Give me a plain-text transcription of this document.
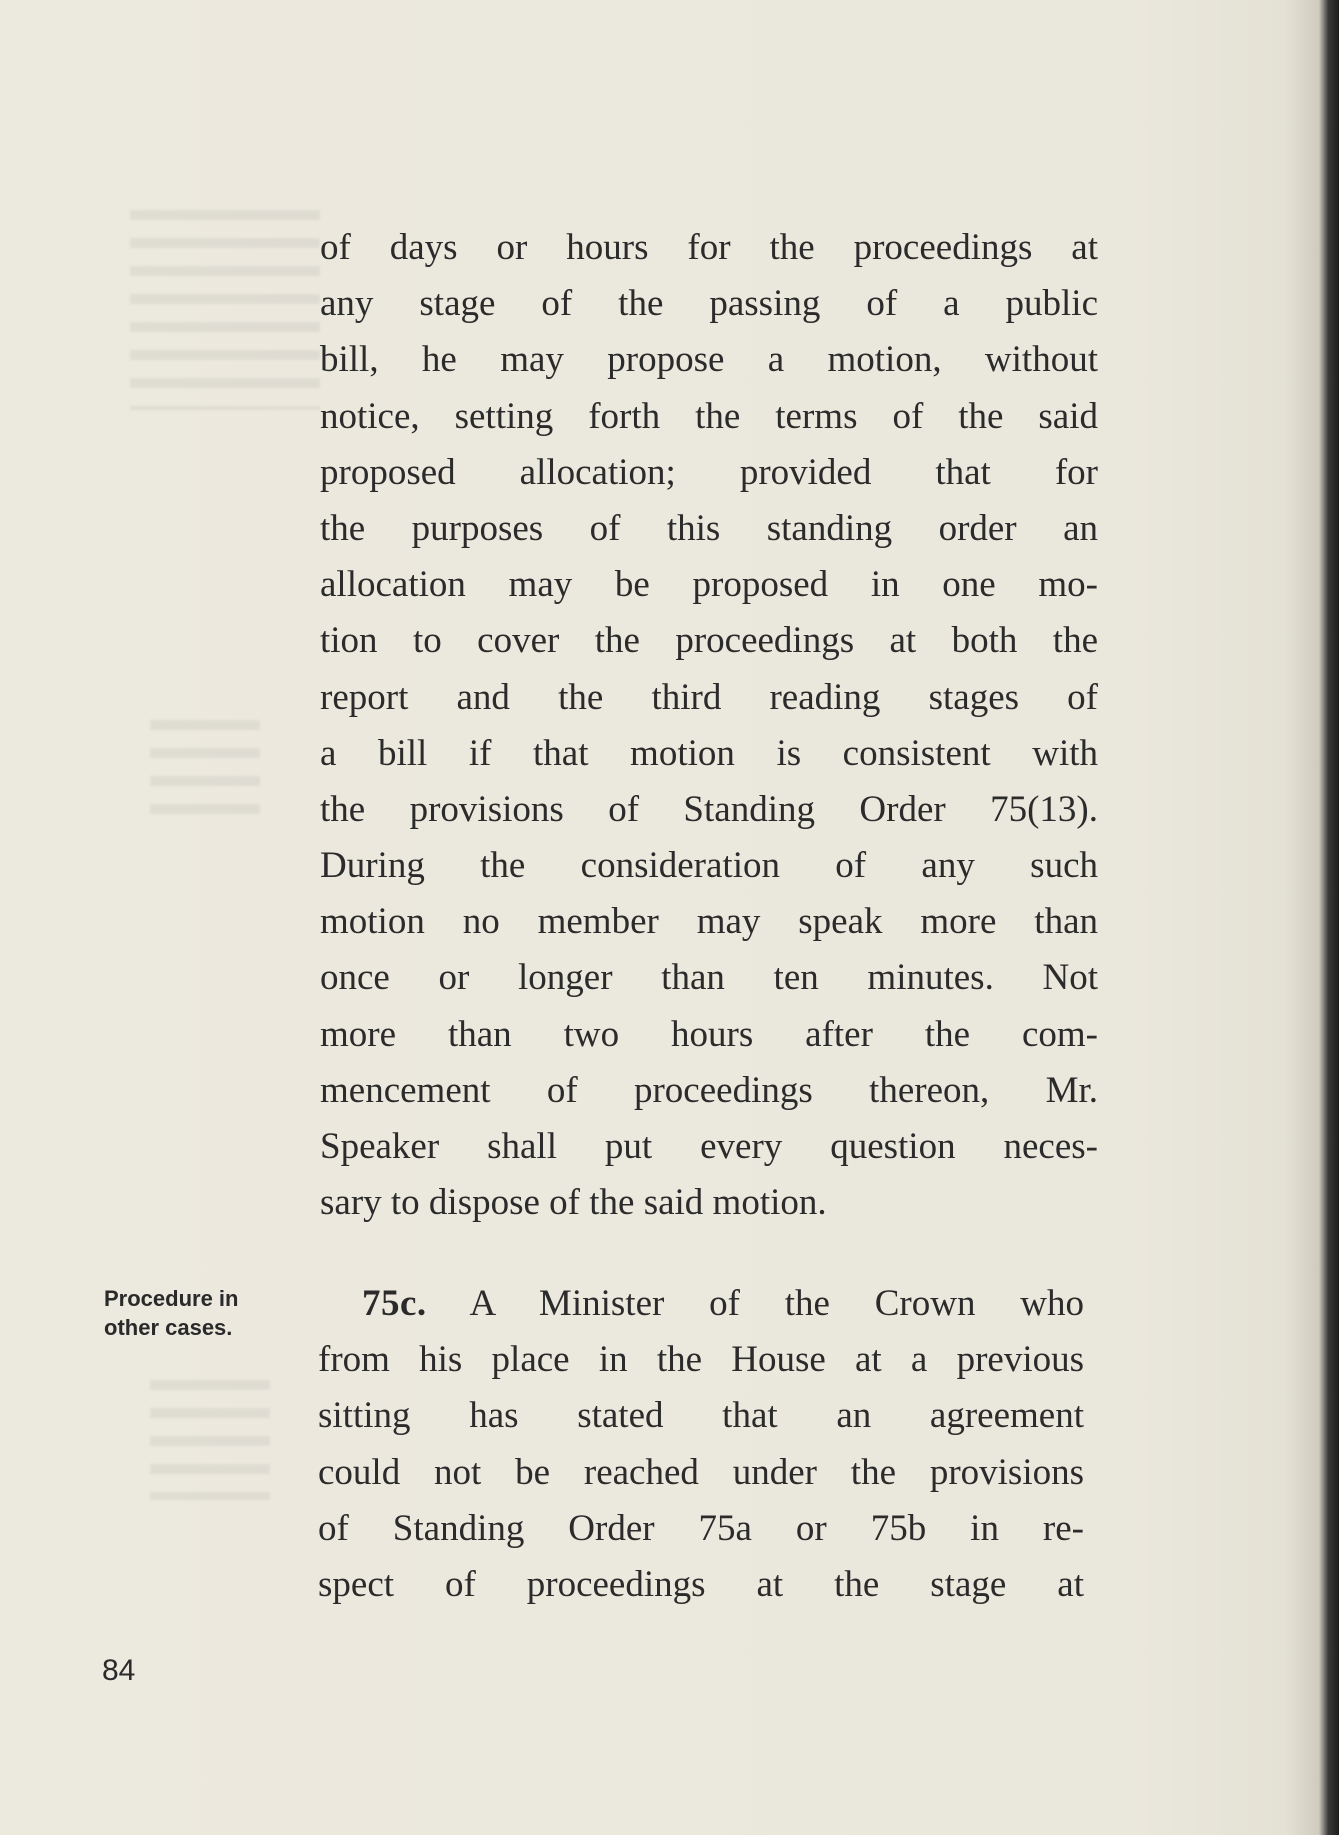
of days or hours for the proceedings at
any stage of the passing of a public
bill, he may propose a motion, without
notice, setting forth the terms of the said
proposed allocation; provided that for
the purposes of this standing order an
allocation may be proposed in one mo-
tion to cover the proceedings at both the
report and the third reading stages of
a bill if that motion is consistent with
the provisions of Standing Order 75(13).
During the consideration of any such
motion no member may speak more than
once or longer than ten minutes. Not
more than two hours after the com-
mencement of proceedings thereon, Mr.
Speaker shall put every question neces-
sary to dispose of the said motion.
Procedure in
other cases.
75c. A Minister of the Crown who
from his place in the House at a previous
sitting has stated that an agreement
could not be reached under the provisions
of Standing Order 75a or 75b in re-
spect of proceedings at the stage at
84
